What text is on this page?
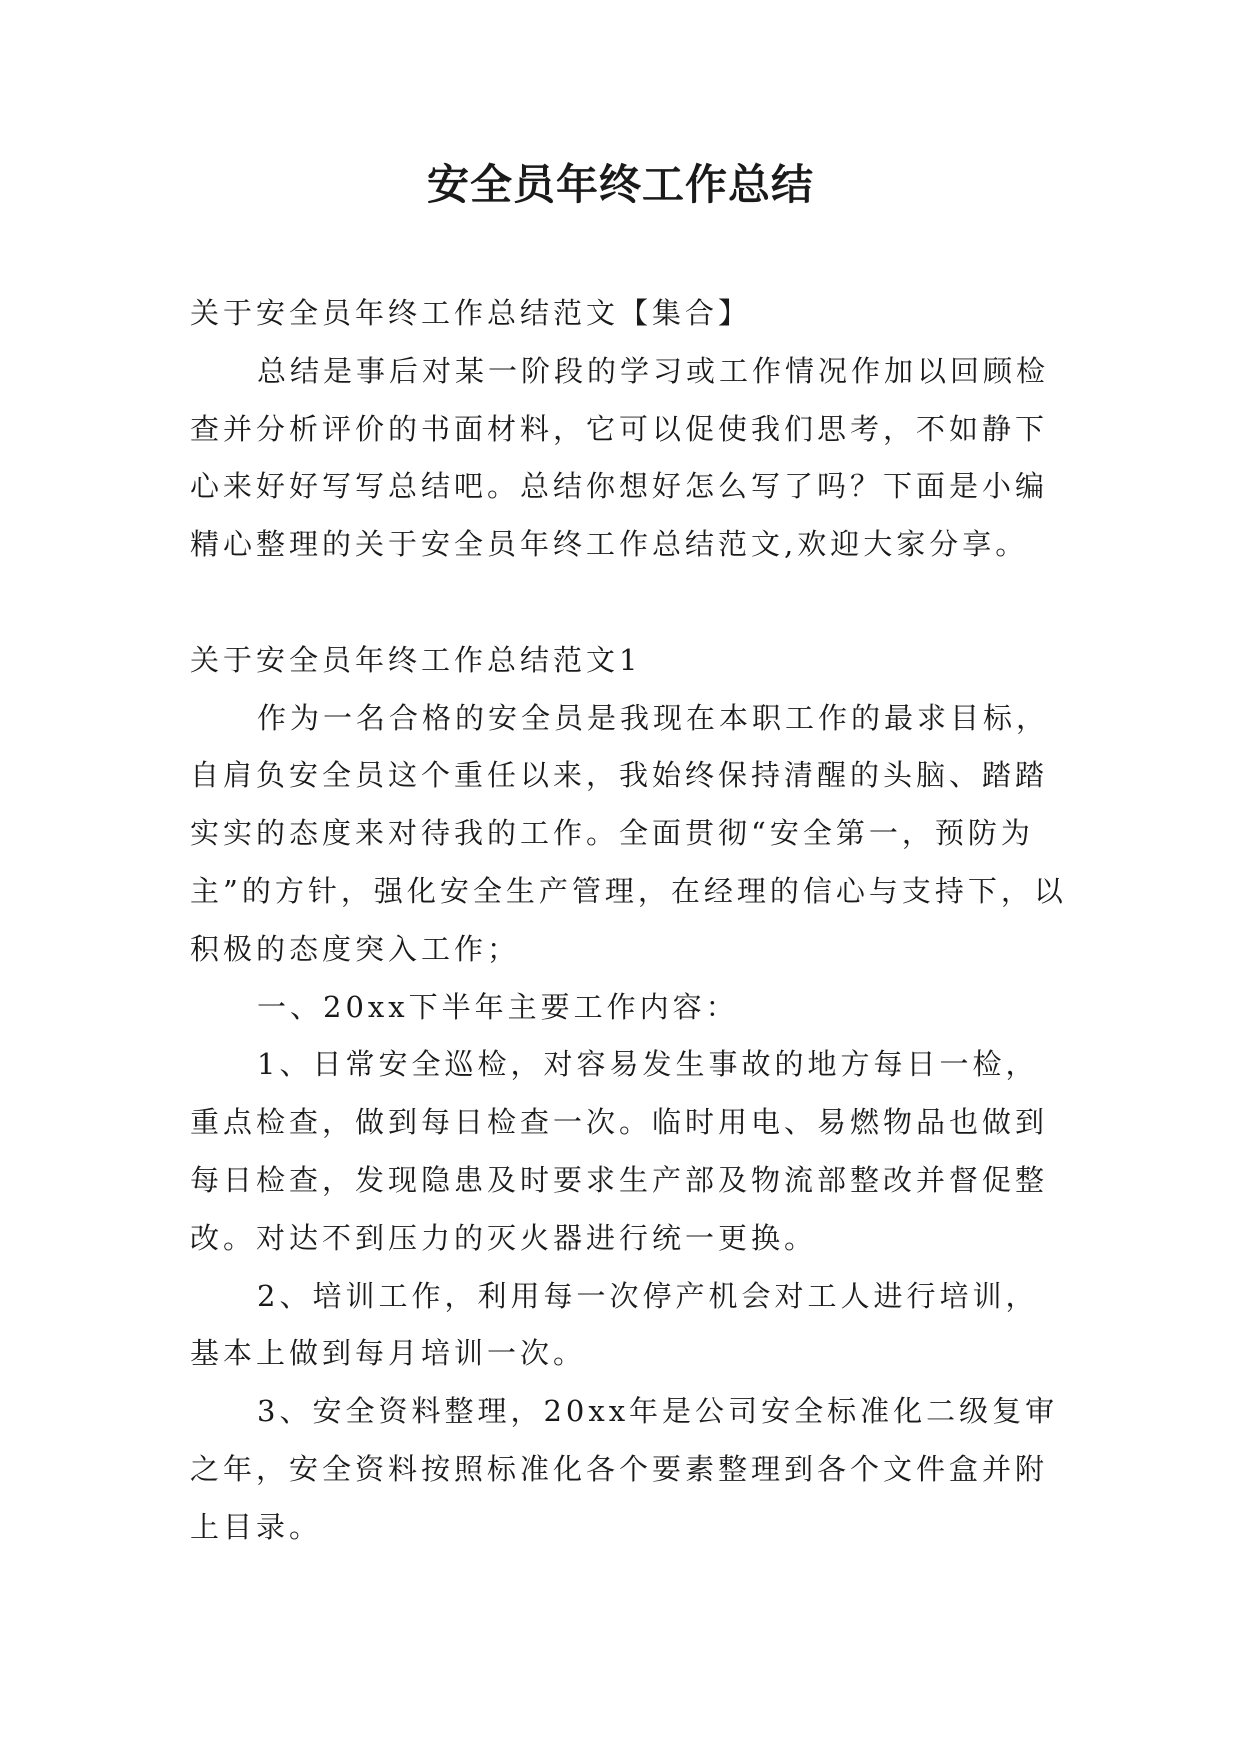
安全员年终工作总结

关于安全员年终工作总结范文【集合】

总结是事后对某一阶段的学习或工作情况作加以回顾检查并分析评价的书面材料，它可以促使我们思考，不如静下心来好好写写总结吧。总结你想好怎么写了吗？下面是小编精心整理的关于安全员年终工作总结范文,欢迎大家分享。

关于安全员年终工作总结范文1

作为一名合格的安全员是我现在本职工作的最求目标，自肩负安全员这个重任以来，我始终保持清醒的头脑、踏踏实实的态度来对待我的工作。全面贯彻“安全第一，预防为主”的方针，强化安全生产管理，在经理的信心与支持下，以积极的态度突入工作；

一、20xx下半年主要工作内容：

1、日常安全巡检，对容易发生事故的地方每日一检，重点检查，做到每日检查一次。临时用电、易燃物品也做到每日检查，发现隐患及时要求生产部及物流部整改并督促整改。对达不到压力的灭火器进行统一更换。

2、培训工作，利用每一次停产机会对工人进行培训，基本上做到每月培训一次。

3、安全资料整理，20xx年是公司安全标准化二级复审之年，安全资料按照标准化各个要素整理到各个文件盒并附上目录。
